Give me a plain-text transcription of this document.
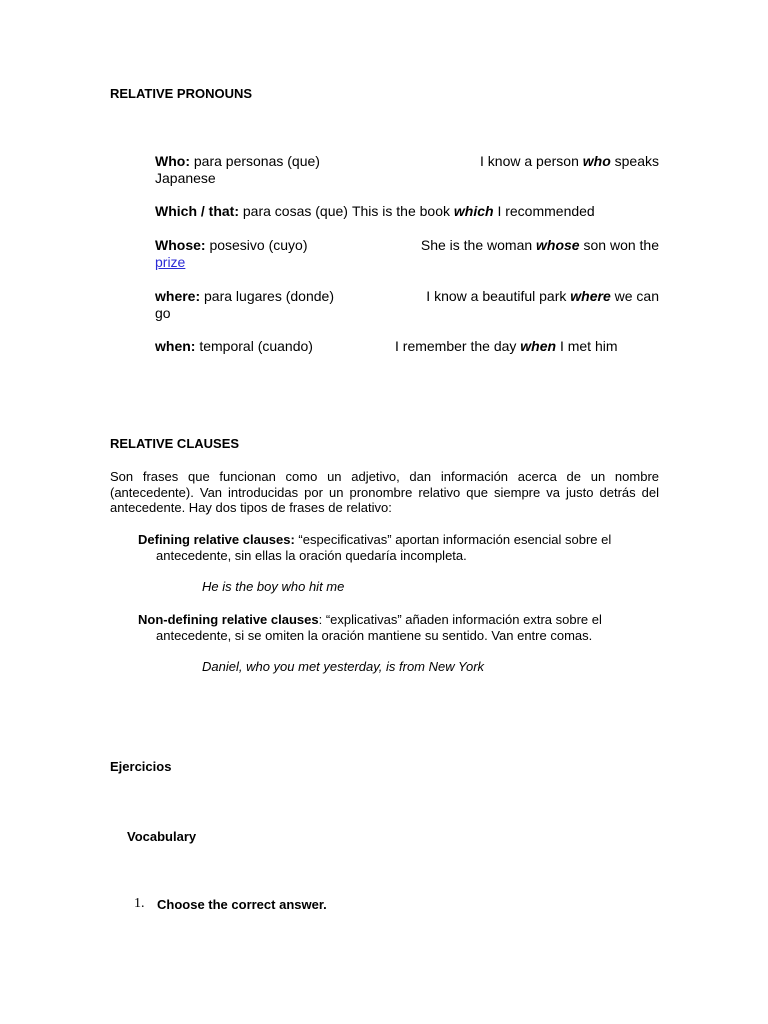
RELATIVE PRONOUNS
Who: para personas (que)	I know a person who speaks
Japanese
Which / that: para cosas (que) This is the book which I recommended
Whose: posesivo (cuyo)	She is the woman whose son won the
prize
where: para lugares (donde)	I know a beautiful park where we can
go
when: temporal (cuando)	I remember the day when I met him
RELATIVE CLAUSES
Son frases que funcionan como un adjetivo, dan información acerca de un nombre (antecedente). Van introducidas por un pronombre relativo que siempre va justo detrás del antecedente. Hay dos tipos de frases de relativo:
Defining relative clauses: “especificativas” aportan información esencial sobre el
antecedente, sin ellas la oración quedaría incompleta.
He is the boy who hit me
Non-defining relative clauses: “explicativas” añaden información extra sobre el
antecedente, si se omiten la oración mantiene su sentido. Van entre comas.
Daniel, who you met yesterday, is from New York
Ejercicios
Vocabulary
1. Choose the correct answer.
